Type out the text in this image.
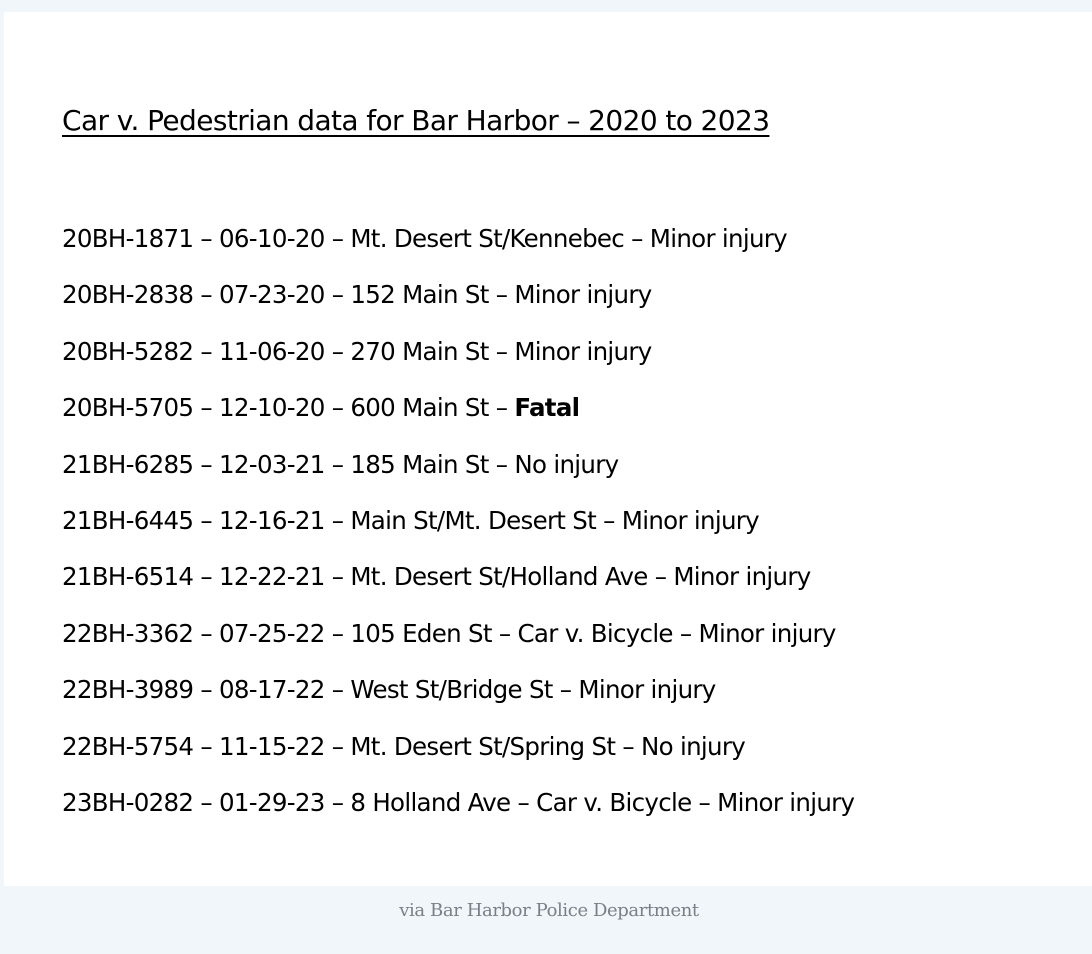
Car v. Pedestrian data for Bar Harbor – 2020 to 2023
20BH-1871 – 06-10-20 – Mt. Desert St/Kennebec – Minor injury
20BH-2838 – 07-23-20 – 152 Main St – Minor injury
20BH-5282 – 11-06-20 – 270 Main St – Minor injury
20BH-5705 – 12-10-20 – 600 Main St – Fatal
21BH-6285 – 12-03-21 – 185 Main St – No injury
21BH-6445 – 12-16-21 – Main St/Mt. Desert St – Minor injury
21BH-6514 – 12-22-21 – Mt. Desert St/Holland Ave – Minor injury
22BH-3362 – 07-25-22 – 105 Eden St – Car v. Bicycle – Minor injury
22BH-3989 – 08-17-22 – West St/Bridge St – Minor injury
22BH-5754 – 11-15-22 – Mt. Desert St/Spring St – No injury
23BH-0282 – 01-29-23 – 8 Holland Ave – Car v. Bicycle – Minor injury
via Bar Harbor Police Department
